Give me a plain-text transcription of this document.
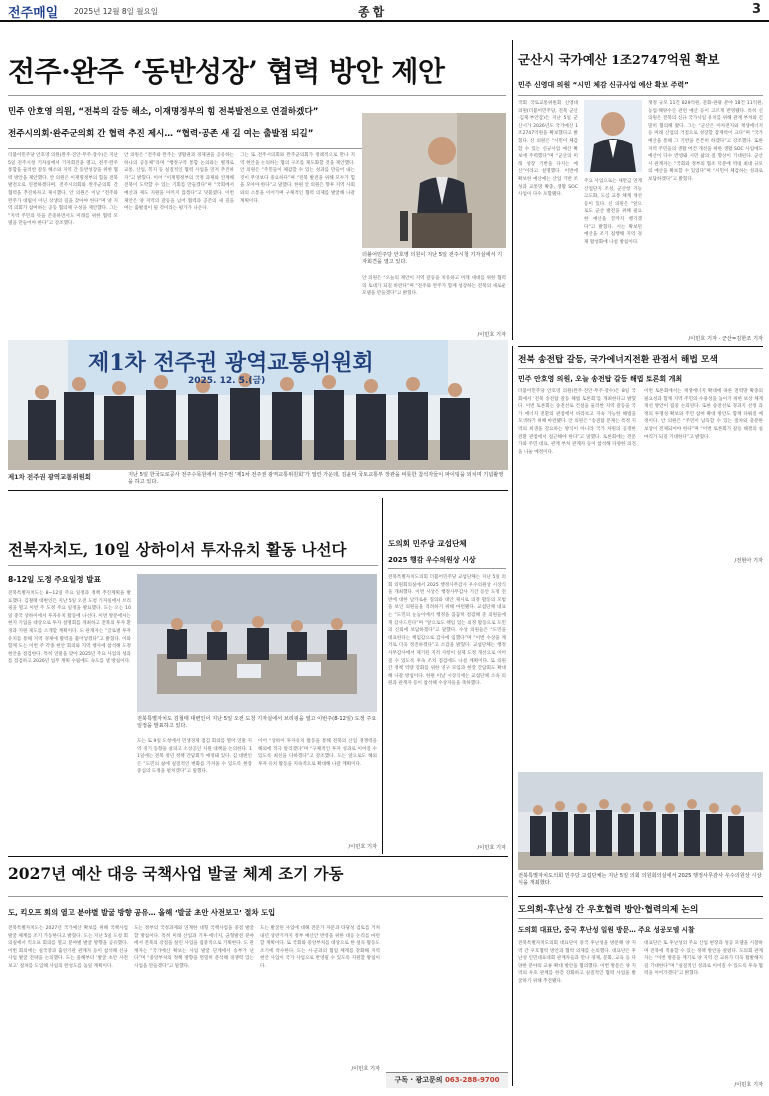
전주매일 2025년 12월 8일 월요일	종합	3
전주·완주 ‘동반성장’ 협력 방안 제안
민주 안호영 의원, “전북의 갈등 해소, 이재명정부의 힘 전북발전으로 연결하겠다”
전주시의회·완주군의회 간 협력 추진 제시… “협력·공존 새 길 여는 출발점 되길”
더불어민주당 안호영 의원(완주·진안·무주·장수)은 지난 5일 전주시청 기자실에서 기자회견을 열고, 전주·완주 통합을 둘러싼 갈등 해소와 지역 간 동반성장을 위한 협력 방안을 제안했다. 안 의원은 이재명정부의 힘을 전북 발전으로 연결하겠다며, 전주시의회와 완주군의회 간 협력을 추진하자고 제시했다. 안 의원은 이날 “전주와 완주가 대립이 아닌 상생의 길을 찾아야 한다”며 양 지역 의회가 참여하는 공동 협의체 구성을 제안했다. 그는 “지역 주민의 뜻을 존중하면서도 미래를 위한 협력 모델을 만들어야 한다”고 강조했다.
안 의원은 “전주와 완주는 생활권과 경제권을 공유하는 하나의 공동체”라며 “행정구역 통합 논의와는 별개로 교통, 산업, 복지 등 실질적인 협력 사업을 먼저 추진하자”고 밝혔다. 이어 “이재명정부의 국정 과제와 연계해 전북이 도약할 수 있는 기회를 만들겠다”며 “국회에서 예산과 제도 지원을 아끼지 않겠다”고 덧붙였다. 이번 제안은 양 지역의 갈등을 넘어 협력과 공존의 새 길을 여는 출발점이 될 것이라는 평가가 나온다.
그는 또 전주시의회와 완주군의회가 정례적으로 만나 지역 현안을 논의하는 협의 구조를 제도화할 것을 제안했다. 안 의원은 “주민들이 체감할 수 있는 성과를 만들어 내는 것이 무엇보다 중요하다”며 “전북 발전을 위해 모두가 힘을 모아야 한다”고 말했다. 한편 안 의원은 향후 지역 사회와의 소통을 이어가며 구체적인 협력 의제를 발굴해 나갈 계획이다.
더불어민주당 안호영 의원이 지난 5일 전주시청 기자실에서 기자회견을 열고 있다.
안 의원은 “오늘의 제안이 지역 갈등을 치유하고 미래 세대를 위한 협력의 토대가 되길 바란다”며 “전주와 완주가 함께 성장하는 전북의 새로운 모델을 만들겠다”고 밝혔다.
/이민호 기자
제1차 전주권 광역교통위원회
2025. 12. 5.(금)
제1차 전주권 광역교통위원회	지난 5일 한국도로공사 전주수목원에서 전주권 ‘제1차 전주권 광역교통위원회’가 열린 가운데, 김윤덕 국토교통부 장관을 비롯한 참석자들이 파이팅을 외치며 기념촬영을 하고 있다.
군산시 국가예산 1조2747억원 확보
민주 신영대 의원 “시민 체감 신규사업 예산 확보 주력”
국회 국토교통위원회 신영대 의원(더불어민주당, 전북 군산·김제·부안갑)은 지난 5일 군산시가 2026년도 국가예산 1조2747억원을 확보했다고 밝혔다. 신 의원은 “시민이 체감할 수 있는 신규사업 예산 확보에 주력했다”며 “군산의 미래 성장 기반을 다지는 예산”이라고 설명했다. 이번에 확보한 예산에는 산업 기반 조성과 교통망 확충, 생활 SOC 사업이 다수 포함됐다.
주요 사업으로는 새만금 연계 산업단지 조성, 군산항 기능 고도화, 도심 교통 체계 개선 등이 있다. 신 의원은 “앞으로도 군산 발전을 위해 필요한 예산을 끝까지 챙기겠다”고 밝혔다. 시는 확보된 예산을 조기 집행해 지역 경제 활성화에 나설 방침이다.
재정 규모 11건 829억원, 문화·관광 분야 18건 11억원, 농업·해양수산 관련 예산 등이 고르게 반영됐다. 특히 신 의원은 전북의 신규 국가사업 유치를 위해 관계 부처와 긴밀히 협의해 왔다. 그는 “군산은 이차전지와 재생에너지 등 미래 산업의 거점으로 성장할 잠재력이 크다”며 “국가예산을 통해 그 기반을 튼튼히 하겠다”고 강조했다. 또한 지역 주민들의 생활 여건 개선을 위한 생활 SOC 사업에도 예산이 다수 반영돼 시민 삶의 질 향상이 기대된다. 군산시 관계자는 “국회와 정부의 협조 덕분에 역대 최대 규모의 예산을 확보할 수 있었다”며 “시민이 체감하는 성과로 보답하겠다”고 밝혔다.
/이민호 기자 · 군산=김한조 기자
전북 송전탑 갈등, 국가에너지전환 관점서 해법 모색
민주 안호영 의원, 오늘 송전탑 갈등 해법 토론회 개최
더불어민주당 안호영 의원(완주·진안·무주·장수)은 8일 국회에서 ‘전북 송전탑 갈등 해법 토론회’를 개최한다고 밝혔다. 이번 토론회는 송전선로 건설을 둘러싼 지역 갈등을 국가 에너지 전환의 관점에서 바라보고 지속 가능한 해법을 모색하기 위해 마련됐다. 안 의원은 “송전탑 문제는 특정 지역의 희생을 강요하는 방식이 아니라 국가 차원의 공정한 전환 관점에서 접근해야 한다”고 말했다. 토론회에는 전문가와 주민 대표, 관계 부처 관계자 등이 참석해 다양한 의견을 나눌 예정이다.
이번 토론회에서는 재생에너지 확대에 따른 전력망 확충의 필요성과 함께 지역 주민의 수용성을 높이기 위한 보상 체계 개선 방안이 집중 논의된다. 또한 송전선로 경과지 선정 과정의 투명성 확보와 주민 참여 확대 방안도 함께 다뤄질 예정이다. 안 의원은 “주민이 납득할 수 있는 절차와 충분한 보상이 전제되어야 한다”며 “이번 토론회가 갈등 해결의 실마리가 되길 기대한다”고 밝혔다.
/전현아 기자
전북자치도, 10일 상하이서 투자유치 활동 나선다
8-12일 도정 주요일정 발표
전북특별자치도는 8~12일 주요 일정과 정책 추진계획을 발표했다. 김철태 대변인은 지난 5일 오전 도청 기자실에서 브리핑을 열고 이번 주 도정 주요 일정을 발표했다. 도는 오는 10일 중국 상하이에서 투자유치 활동에 나선다. 이번 방문에서는 현지 기업을 대상으로 투자 설명회를 개최하고 전북의 투자 환경과 지원 제도를 소개할 계획이다. 도 관계자는 “글로벌 투자 유치를 통해 지역 경제에 활력을 불어넣겠다”고 밝혔다. 이와 함께 도는 이번 주 각종 현안 회의와 지역 행사에 참석해 도정 현안을 점검한다. 특히 연말을 맞아 2025년 주요 사업의 성과를 점검하고 2026년 업무 계획 수립에도 속도를 낼 방침이다.
전북특별자치도 김철태 대변인이 지난 5일 오전 도청 기자실에서 브리핑을 열고 이번주(8-12일) 도정 주요 일정을 발표하고 있다.
도는 또 9일 도청에서 민생경제 점검 회의를 열어 연말 지역 경기 동향을 살피고 소상공인 지원 대책을 논의한다. 11일에는 전북 청년 정책 간담회가 예정돼 있다. 김 대변인은 “도민의 삶에 실질적인 변화를 가져올 수 있도록 현장 중심의 도정을 펼치겠다”고 말했다.
이어 “상하이 투자유치 활동을 통해 전북의 산업 경쟁력을 해외에 적극 알리겠다”며 “구체적인 투자 성과로 이어질 수 있도록 최선을 다하겠다”고 강조했다. 도는 앞으로도 해외 투자 유치 활동을 지속적으로 확대해 나갈 계획이다.
/이민호 기자
도의회 민주당 교섭단체
2025 행감 우수의원상 시상
전북특별자치도의회 더불어민주당 교섭단체는 지난 5일 의회 의원회의실에서 2025 행정사무감사 우수의원상 시상식을 개최했다. 이번 시상은 행정사무감사 기간 동안 도정 전반에 대한 날카로운 질의와 대안 제시로 의정 활동의 모범을 보인 의원들을 격려하기 위해 마련됐다. 교섭단체 대표는 “도민의 눈높이에서 행정을 꼼꼼히 점검해 준 의원들에게 감사드린다”며 “앞으로도 책임 있는 의정 활동으로 도민의 신뢰에 보답하겠다”고 말했다. 수상 의원들은 “도민을 대표한다는 책임감으로 감사에 임했다”며 “이번 수상을 계기로 더욱 정진하겠다”고 소감을 밝혔다. 교섭단체는 행정사무감사에서 제기된 지적 사항이 실제 도정 개선으로 이어질 수 있도록 후속 조치 점검에도 나설 계획이다. 또 의원 간 정책 역량 강화를 위한 연구 모임과 현장 간담회도 확대해 나갈 방침이다. 한편 이날 시상식에는 교섭단체 소속 의원과 관계자 등이 참석해 수상자들을 축하했다.
/이민호 기자
전북특별자치도의회 민주당 교섭단체는 지난 5일 의회 의원회의실에서 2025 행정사무감사 우수의원상 시상식을 개최했다.
2027년 예산 대응 국책사업 발굴 체계 조기 가동
도, 킥오프 회의 열고 분야별 발굴 방향 공유… 올해 ‘발굴 초안 사전보고’ 절차 도입
전북특별자치도는 2027년 국가예산 확보를 위해 국책사업 발굴 체계를 조기 가동한다고 밝혔다. 도는 지난 5일 도청 회의실에서 킥오프 회의를 열고 분야별 발굴 방향을 공유했다. 이번 회의에는 실국장과 출연기관 관계자 등이 참석해 신규 사업 발굴 전략을 논의했다. 도는 올해부터 ‘발굴 초안 사전보고’ 절차를 도입해 사업의 완성도를 높일 계획이다.
도는 정부의 국정과제와 연계한 대형 국책사업을 중점 발굴할 방침이다. 특히 미래 산업과 기후·에너지, 균형발전 분야에서 전북의 강점을 살린 사업을 집중적으로 기획한다. 도 관계자는 “국가예산 확보는 사업 발굴 단계에서 승부가 난다”며 “중앙부처의 정책 방향을 면밀히 분석해 경쟁력 있는 사업을 만들겠다”고 말했다.
도는 발굴된 사업에 대해 전문가 자문과 타당성 검토를 거쳐 내년 상반기까지 정부 예산안 반영을 위한 대응 논리를 마련할 계획이다. 또 국회와 중앙부처를 대상으로 한 설득 활동도 조기에 착수한다. 도는 시·군과의 협업 체계를 강화해 지역 현안 사업이 국가 사업으로 반영될 수 있도록 지원할 방침이다.
/이민호 기자
구독 · 광고문의 063-288-9700
도의회-후난성 간 우호협력 방안·협력의제 논의
도의회 대표단, 중국 후난성 일원 방문… 주요 성공모델 시찰
전북특별자치도의회 대표단이 중국 후난성을 방문해 양 지역 간 우호협력 방안과 협력 의제를 논의했다. 대표단은 후난성 인민대표대회 관계자들과 만나 경제, 문화, 교육 등 다양한 분야의 교류 확대 방안을 협의했다. 이번 방문은 양 지역의 우호 관계를 한층 강화하고 실질적인 협력 사업을 발굴하기 위해 추진됐다.
대표단은 또 후난성의 주요 산업 현장과 성공 모델을 시찰하며 전북에 적용할 수 있는 정책 방안을 살폈다. 도의회 관계자는 “이번 방문을 계기로 양 지역 간 교류가 더욱 활발해지길 기대한다”며 “실질적인 성과로 이어질 수 있도록 후속 협력을 이어가겠다”고 밝혔다.
/이민호 기자
